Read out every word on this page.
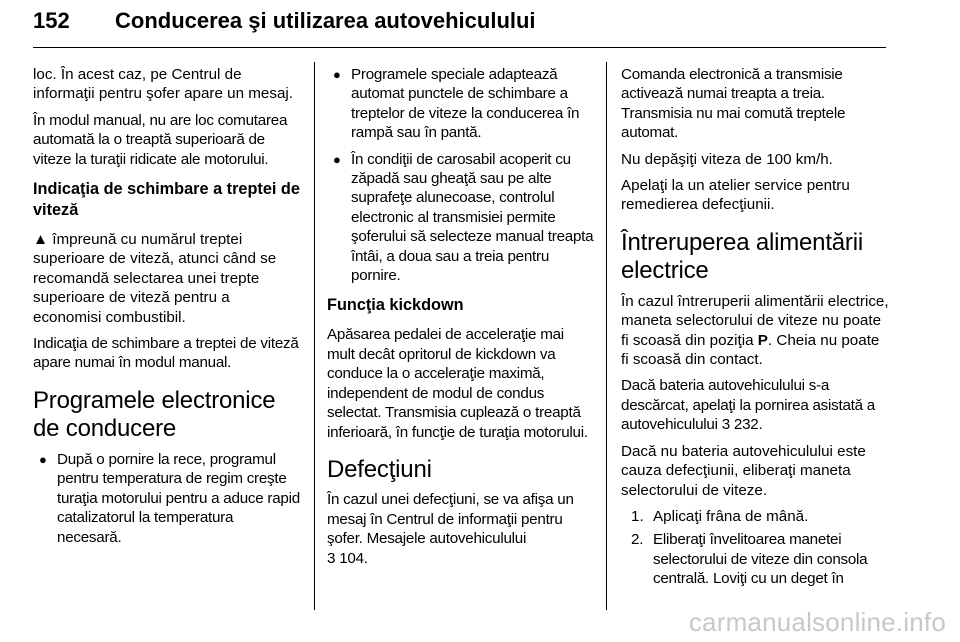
152 Conducerea şi utilizarea autovehiculului

loc. În acest caz, pe Centrul de informaţii pentru şofer apare un mesaj.

În modul manual, nu are loc comutarea automată la o treaptă superioară de viteze la turaţii ridicate ale motorului.

Indicaţia de schimbare a treptei de viteză

▲ împreună cu numărul treptei superioare de viteză, atunci când se recomandă selectarea unei trepte superioare de viteză pentru a economisi combustibil.

Indicaţia de schimbare a treptei de viteză apare numai în modul manual.

Programele electronice de conducere
● După o pornire la rece, programul pentru temperatura de regim creşte turaţia motorului pentru a aduce rapid catalizatorul la temperatura necesară.
● Programele speciale adaptează automat punctele de schimbare a treptelor de viteze la conducerea în rampă sau în pantă.
● În condiţii de carosabil acoperit cu zăpadă sau gheaţă sau pe alte suprafeţe alunecoase, controlul electronic al transmisiei permite şoferului să selecteze manual treapta întâi, a doua sau a treia pentru pornire.
Funcţia kickdown

Apăsarea pedalei de acceleraţie mai mult decât opritorul de kickdown va conduce la o acceleraţie maximă, independent de modul de condus selectat. Transmisia cuplează o treaptă inferioară, în funcţie de turaţia motorului.

Defecţiuni

În cazul unei defecţiuni, se va afişa un mesaj în Centrul de informaţii pentru şofer. Mesajele autovehiculului
3 104.

Comanda electronică a transmisie activează numai treapta a treia. Transmisia nu mai comută treptele automat.

Nu depăşiţi viteza de 100 km/h.

Apelaţi la un atelier service pentru remedierea defecţiunii.

Întreruperea alimentării electrice

În cazul întreruperii alimentării electrice, maneta selectorului de viteze nu poate fi scoasă din poziţia P. Cheia nu poate fi scoasă din contact.

Dacă bateria autovehiculului s-a descărcat, apelaţi la pornirea asistată a autovehiculului 3 232.

Dacă nu bateria autovehiculului este cauza defecţiunii, eliberaţi maneta selectorului de viteze.

1. Aplicaţi frâna de mână.
2. Eliberaţi învelitoarea manetei selectorului de viteze din consola centrală. Loviţi cu un deget în
carmanualsonline.info
